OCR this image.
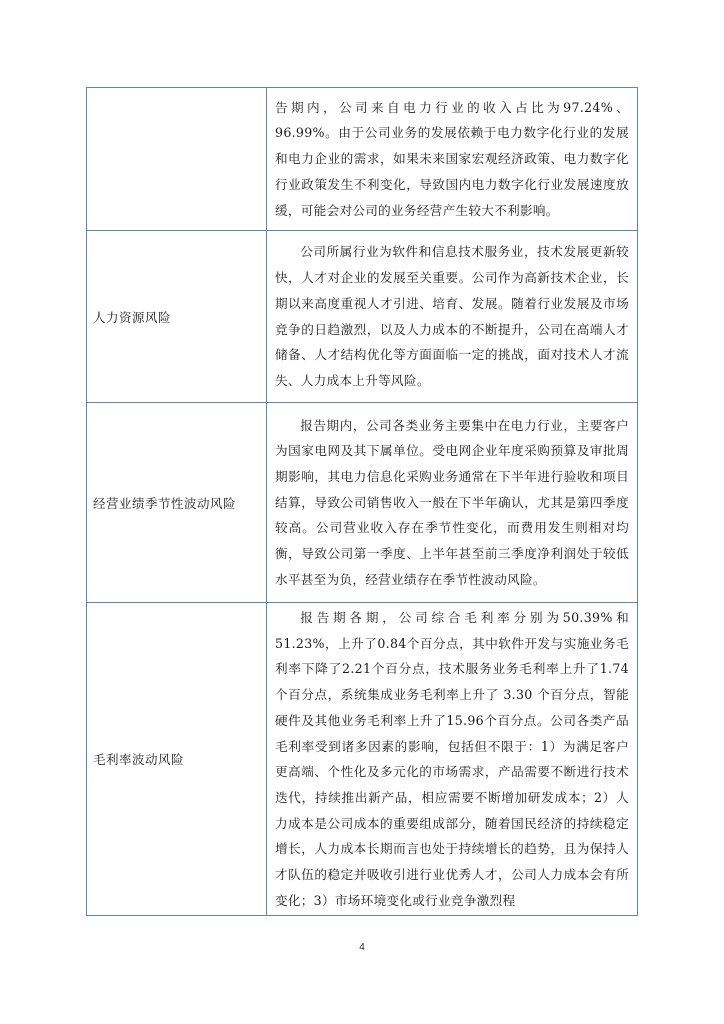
	告期内，公司来自电力行业的收入占比为97.24%、96.99%。由于公司业务的发展依赖于电力数字化行业的发展和电力企业的需求，如果未来国家宏观经济政策、电力数字化行业政策发生不利变化，导致国内电力数字化行业发展速度放缓，可能会对公司的业务经营产生较大不利影响。

人力资源风险	公司所属行业为软件和信息技术服务业，技术发展更新较快，人才对企业的发展至关重要。公司作为高新技术企业，长期以来高度重视人才引进、培育、发展。随着行业发展及市场竞争的日趋激烈，以及人力成本的不断提升，公司在高端人才储备、人才结构优化等方面面临一定的挑战，面对技术人才流失、人力成本上升等风险。

经营业绩季节性波动风险	报告期内，公司各类业务主要集中在电力行业，主要客户为国家电网及其下属单位。受电网企业年度采购预算及审批周期影响，其电力信息化采购业务通常在下半年进行验收和项目结算，导致公司销售收入一般在下半年确认，尤其是第四季度较高。公司营业收入存在季节性变化，而费用发生则相对均衡，导致公司第一季度、上半年甚至前三季度净利润处于较低水平甚至为负，经营业绩存在季节性波动风险。

毛利率波动风险	报告期各期，公司综合毛利率分别为50.39%和51.23%，上升了0.84个百分点，其中软件开发与实施业务毛利率下降了2.21个百分点，技术服务业务毛利率上升了1.74个百分点，系统集成业务毛利率上升了 3.30 个百分点，智能硬件及其他业务毛利率上升了15.96个百分点。公司各类产品毛利率受到诸多因素的影响，包括但不限于：1）为满足客户更高端、个性化及多元化的市场需求，产品需要不断进行技术迭代，持续推出新产品，相应需要不断增加研发成本；2）人力成本是公司成本的重要组成部分，随着国民经济的持续稳定增长，人力成本长期而言也处于持续增长的趋势，且为保持人才队伍的稳定并吸收引进行业优秀人才，公司人力成本会有所变化；3）市场环境变化或行业竞争激烈程

4
